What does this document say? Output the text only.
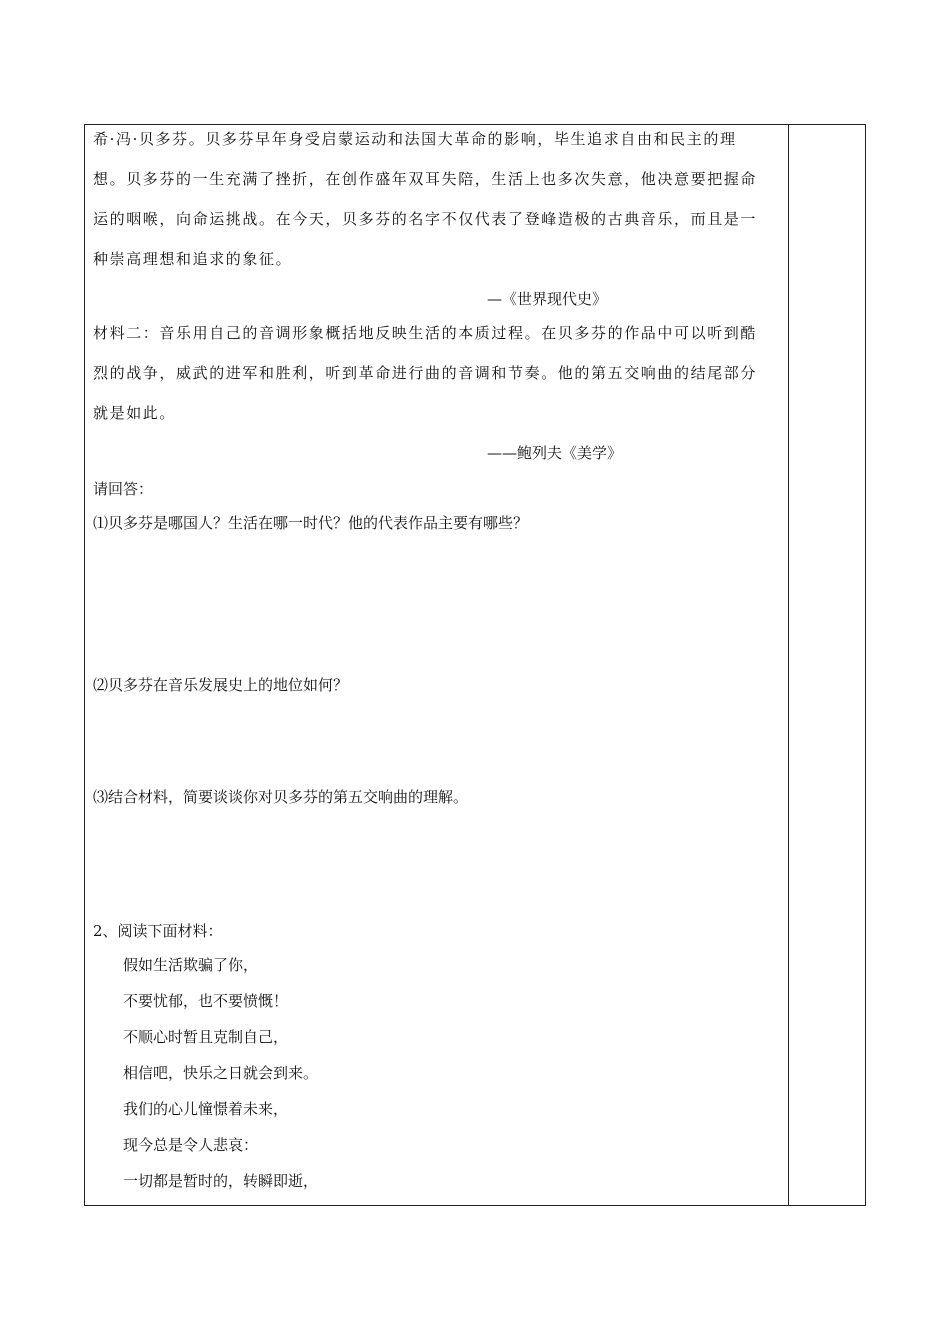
希·冯·贝多芬。贝多芬早年身受启蒙运动和法国大革命的影响，毕生追求自由和民主的理
想。贝多芬的一生充满了挫折，在创作盛年双耳失陪，生活上也多次失意，他决意要把握命
运的咽喉，向命运挑战。在今天，贝多芬的名字不仅代表了登峰造极的古典音乐，而且是一
种崇高理想和追求的象征。
—《世界现代史》
材料二：音乐用自己的音调形象概括地反映生活的本质过程。在贝多芬的作品中可以听到酷
烈的战争，威武的进军和胜利，听到革命进行曲的音调和节奏。他的第五交响曲的结尾部分
就是如此。
——鲍列夫《美学》
请回答：
⑴贝多芬是哪国人？生活在哪一时代？他的代表作品主要有哪些？
⑵贝多芬在音乐发展史上的地位如何？
⑶结合材料，简要谈谈你对贝多芬的第五交响曲的理解。
2、阅读下面材料：
假如生活欺骗了你，
不要忧郁，也不要愤慨！
不顺心时暂且克制自己，
相信吧，快乐之日就会到来。
我们的心儿憧憬着未来，
现今总是令人悲哀：
一切都是暂时的，转瞬即逝，
